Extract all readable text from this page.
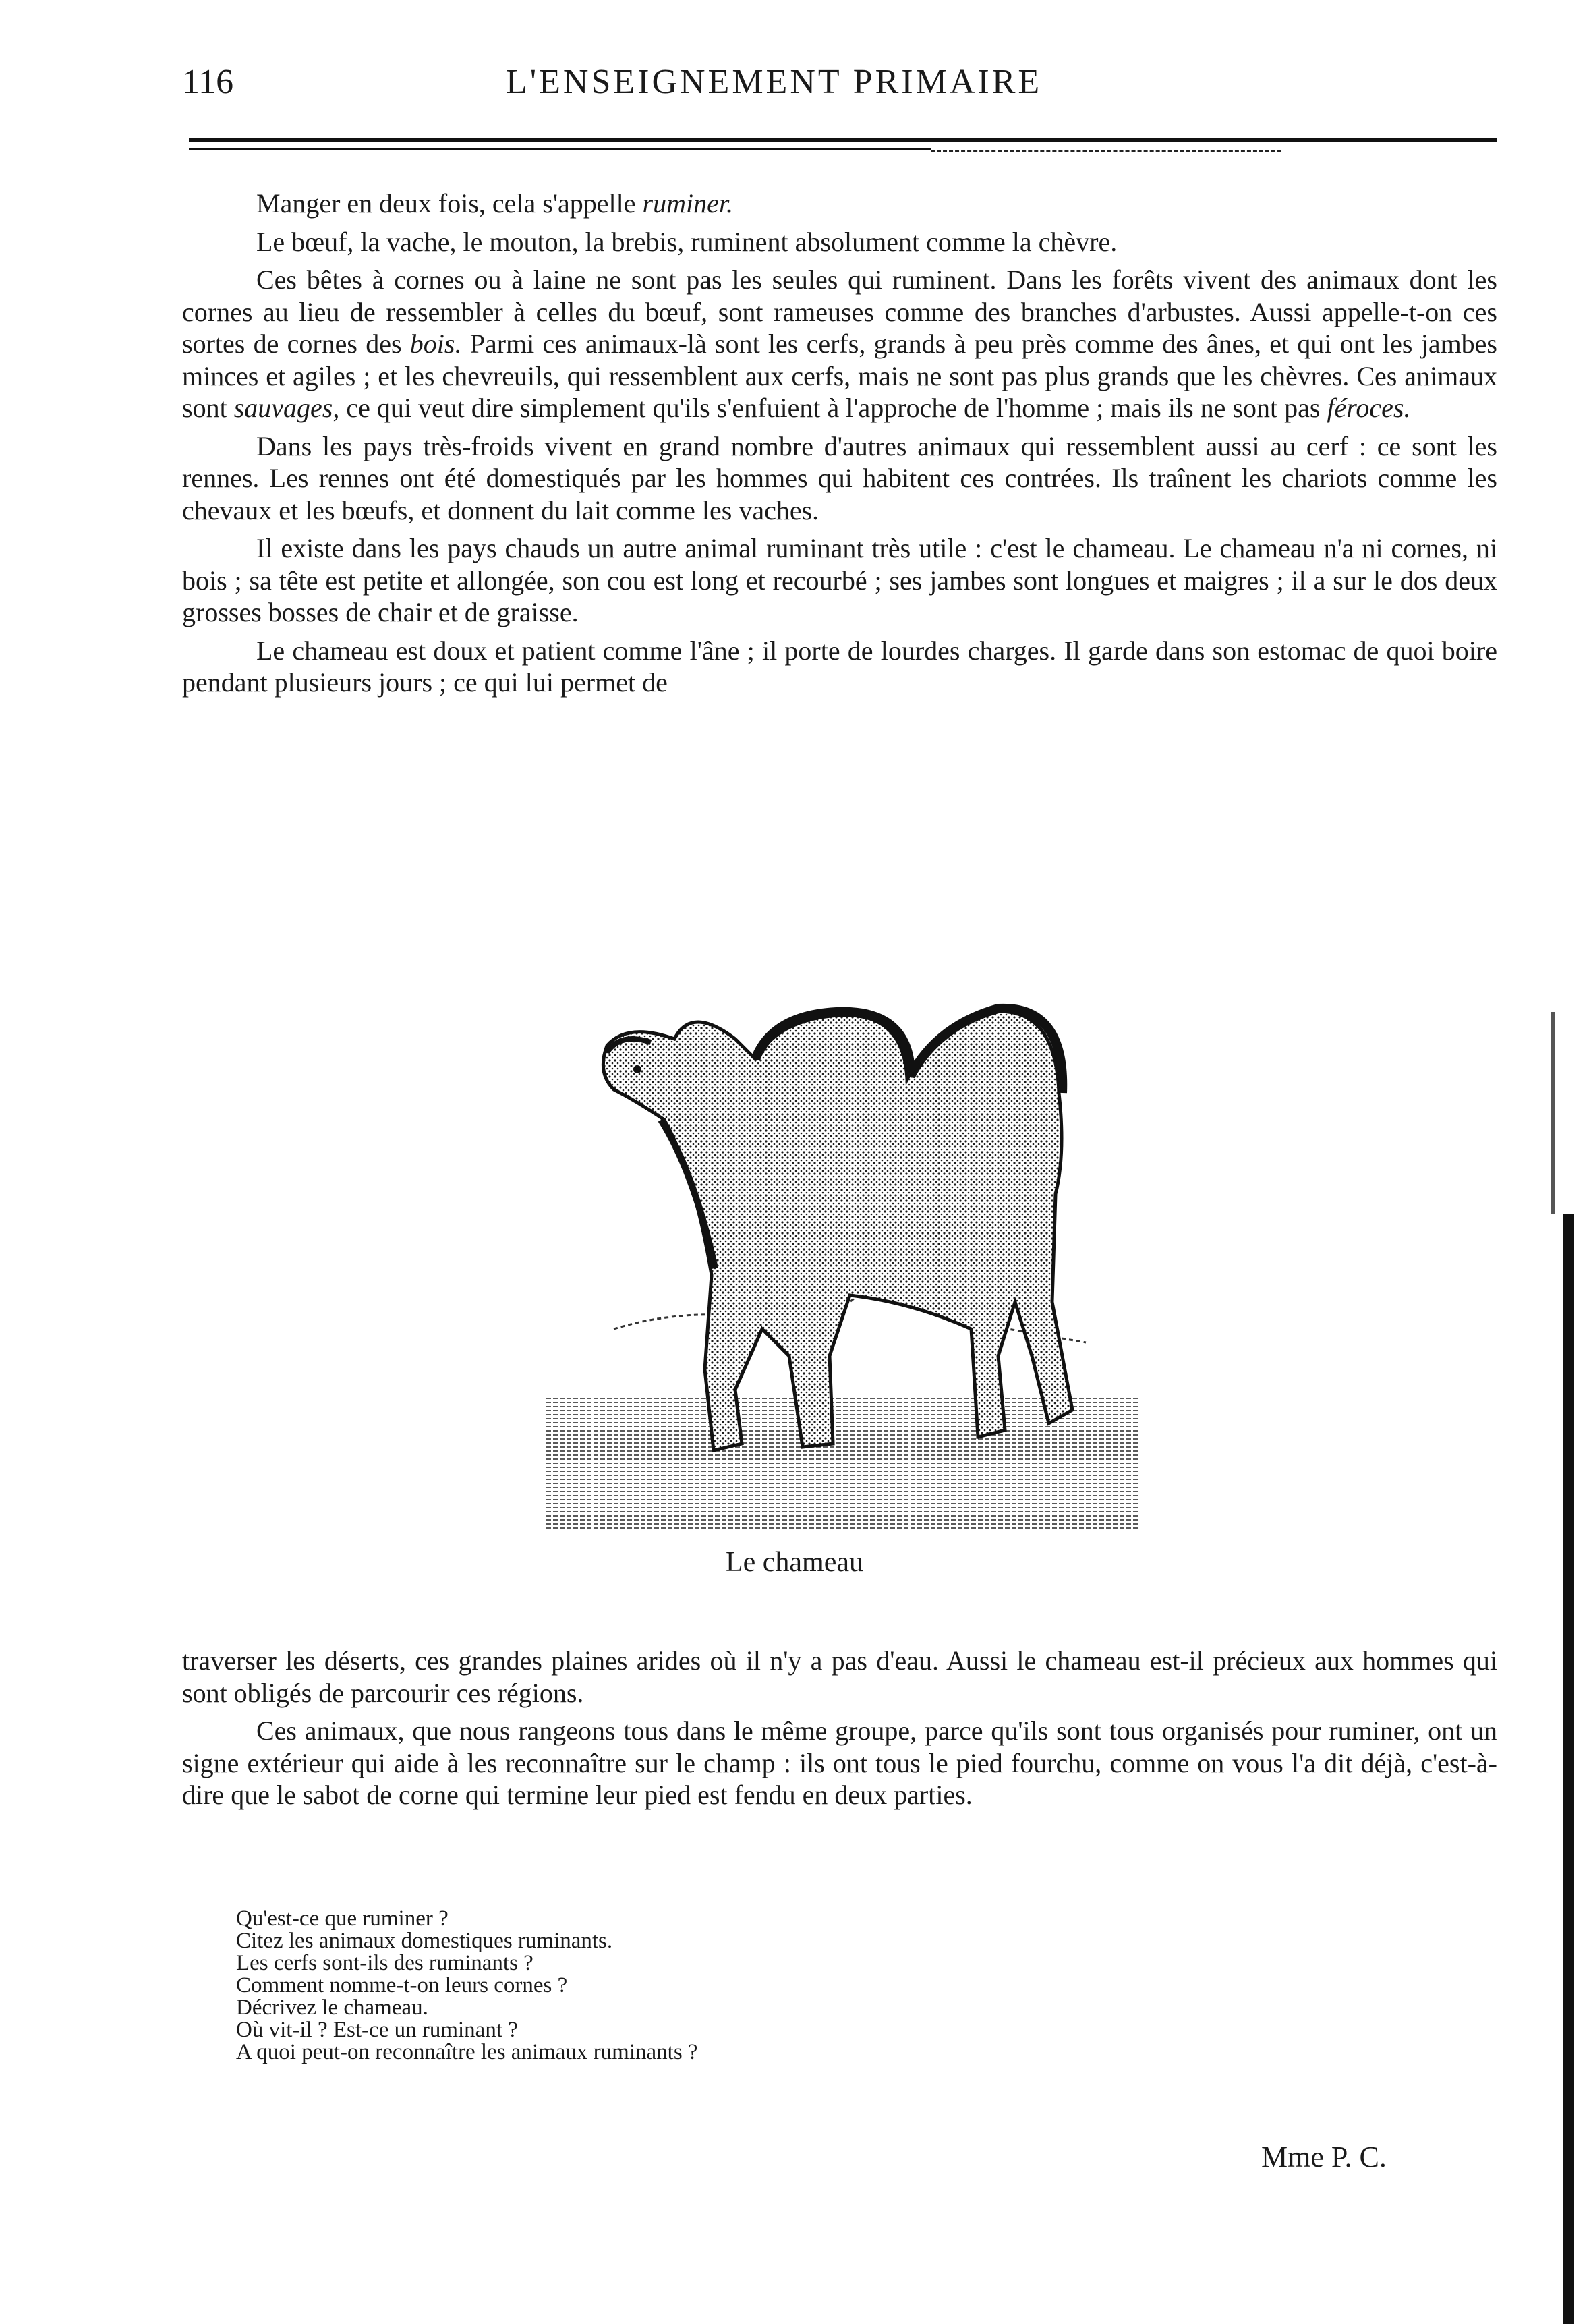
116	L'ENSEIGNEMENT PRIMAIRE

Manger en deux fois, cela s'appelle ruminer.

Le bœuf, la vache, le mouton, la brebis, ruminent absolument comme la chèvre.

Ces bêtes à cornes ou à laine ne sont pas les seules qui ruminent. Dans les forêts vivent des animaux dont les cornes au lieu de ressembler à celles du bœuf, sont rameuses comme des branches d'arbustes. Aussi appelle-t-on ces sortes de cornes des bois. Parmi ces animaux-là sont les cerfs, grands à peu près comme des ânes, et qui ont les jambes minces et agiles ; et les chevreuils, qui ressemblent aux cerfs, mais ne sont pas plus grands que les chèvres. Ces animaux sont sauvages, ce qui veut dire simplement qu'ils s'enfuient à l'approche de l'homme ; mais ils ne sont pas féroces.

Dans les pays très-froids vivent en grand nombre d'autres animaux qui ressemblent aussi au cerf : ce sont les rennes. Les rennes ont été domestiqués par les hommes qui habitent ces contrées. Ils traînent les chariots comme les chevaux et les bœufs, et donnent du lait comme les vaches.

Il existe dans les pays chauds un autre animal ruminant très utile : c'est le chameau. Le chameau n'a ni cornes, ni bois ; sa tête est petite et allongée, son cou est long et recourbé ; ses jambes sont longues et maigres ; il a sur le dos deux grosses bosses de chair et de graisse.

Le chameau est doux et patient comme l'âne ; il porte de lourdes charges. Il garde dans son estomac de quoi boire pendant plusieurs jours ; ce qui lui permet de

Le chameau

traverser les déserts, ces grandes plaines arides où il n'y a pas d'eau. Aussi le chameau est-il précieux aux hommes qui sont obligés de parcourir ces régions.

Ces animaux, que nous rangeons tous dans le même groupe, parce qu'ils sont tous organisés pour ruminer, ont un signe extérieur qui aide à les reconnaître sur le champ : ils ont tous le pied fourchu, comme on vous l'a dit déjà, c'est-à-dire que le sabot de corne qui termine leur pied est fendu en deux parties.

Qu'est-ce que ruminer ?

Citez les animaux domestiques ruminants.

Les cerfs sont-ils des ruminants ?

Comment nomme-t-on leurs cornes ?

Décrivez le chameau.

Où vit-il ? Est-ce un ruminant ?

A quoi peut-on reconnaître les animaux ruminants ?

Mme P. C.
